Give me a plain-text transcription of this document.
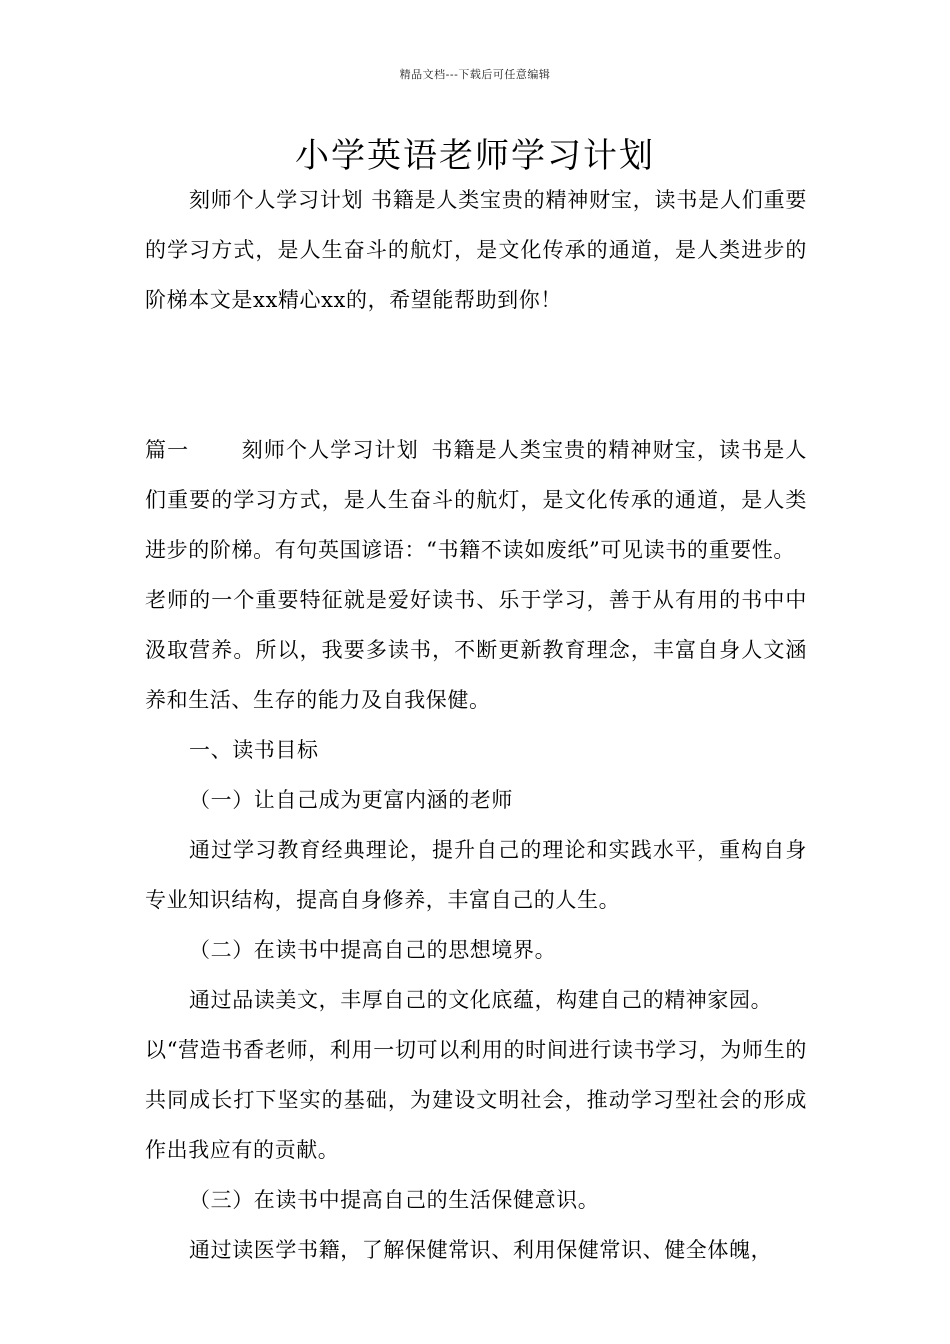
精品文档---下载后可任意编辑
小学英语老师学习计划

刻师个人学习计划 书籍是人类宝贵的精神财宝，读书是人们重要的学习方式，是人生奋斗的航灯，是文化传承的通道，是人类进步的阶梯本文是xx精心xx的，希望能帮助到你！

篇一 刻师个人学习计划 书籍是人类宝贵的精神财宝，读书是人们重要的学习方式，是人生奋斗的航灯，是文化传承的通道，是人类进步的阶梯。有句英国谚语：“书籍不读如废纸”可见读书的重要性。老师的一个重要特征就是爱好读书、乐于学习，善于从有用的书中中汲取营养。所以，我要多读书，不断更新教育理念，丰富自身人文涵养和生活、生存的能力及自我保健。

一、读书目标

（一）让自己成为更富内涵的老师

通过学习教育经典理论，提升自己的理论和实践水平，重构自身专业知识结构，提高自身修养，丰富自己的人生。

（二）在读书中提高自己的思想境界。

通过品读美文，丰厚自己的文化底蕴，构建自己的精神家园。

以“营造书香老师，利用一切可以利用的时间进行读书学习，为师生的共同成长打下坚实的基础，为建设文明社会，推动学习型社会的形成作出我应有的贡献。

（三）在读书中提高自己的生活保健意识。

通过读医学书籍，了解保健常识、利用保健常识、健全体魄，
